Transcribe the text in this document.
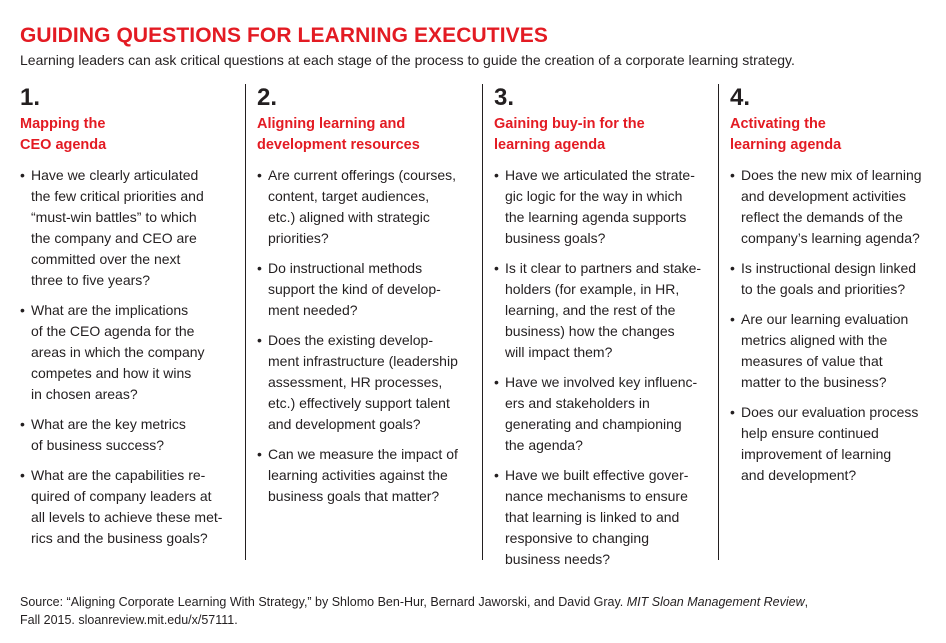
GUIDING QUESTIONS FOR LEARNING EXECUTIVES
Learning leaders can ask critical questions at each stage of the process to guide the creation of a corporate learning strategy.
1.
Mapping the
CEO agenda
• Have we clearly articulated
the few critical priorities and
“must-win battles” to which
the company and CEO are
committed over the next
three to five years?
• What are the implications
of the CEO agenda for the
areas in which the company
competes and how it wins
in chosen areas?
• What are the key metrics
of business success?
• What are the capabilities re-
quired of company leaders at
all levels to achieve these met-
rics and the business goals?
2.
Aligning learning and
development resources
• Are current offerings (courses,
content, target audiences,
etc.) aligned with strategic
priorities?
• Do instructional methods
support the kind of develop-
ment needed?
• Does the existing develop-
ment infrastructure (leadership
assessment, HR processes,
etc.) effectively support talent
and development goals?
• Can we measure the impact of
learning activities against the
business goals that matter?
3.
Gaining buy-in for the
learning agenda
• Have we articulated the strate-
gic logic for the way in which
the learning agenda supports
business goals?
• Is it clear to partners and stake-
holders (for example, in HR,
learning, and the rest of the
business) how the changes
will impact them?
• Have we involved key influenc-
ers and stakeholders in
generating and championing
the agenda?
• Have we built effective gover-
nance mechanisms to ensure
that learning is linked to and
responsive to changing
business needs?
4.
Activating the
learning agenda
• Does the new mix of learning
and development activities
reflect the demands of the
company’s learning agenda?
• Is instructional design linked
to the goals and priorities?
• Are our learning evaluation
metrics aligned with the
measures of value that
matter to the business?
• Does our evaluation process
help ensure continued
improvement of learning
and development?
Source: “Aligning Corporate Learning With Strategy,” by Shlomo Ben-Hur, Bernard Jaworski, and David Gray. MIT Sloan Management Review,
Fall 2015. sloanreview.mit.edu/x/57111.
